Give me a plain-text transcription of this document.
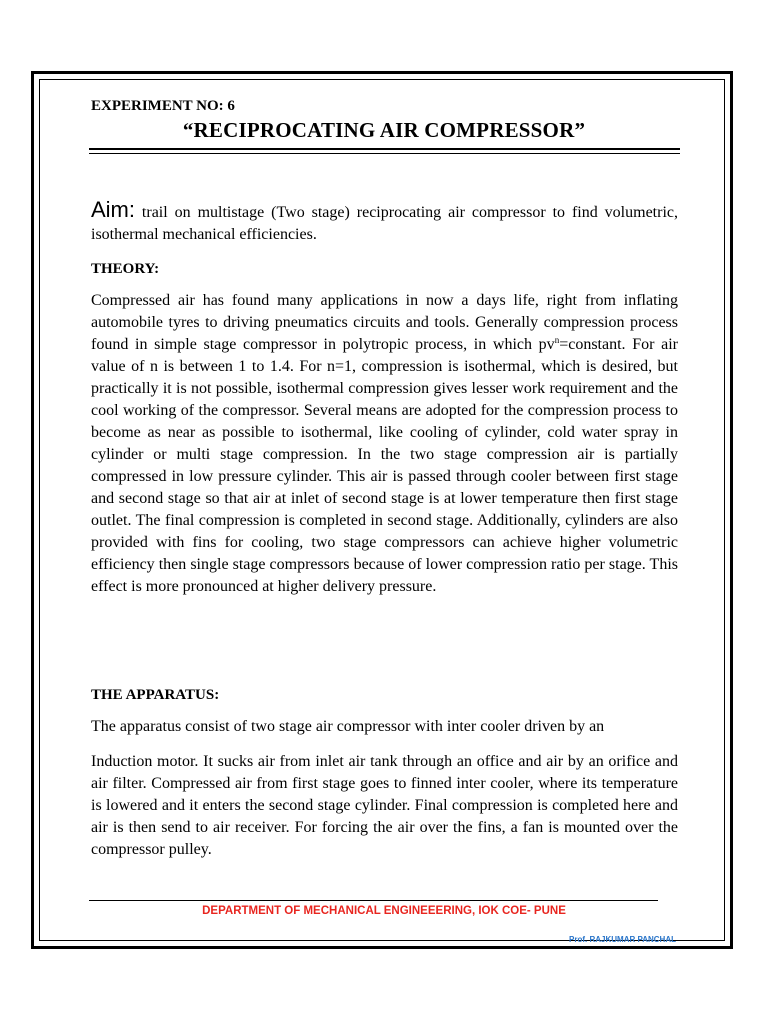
EXPERIMENT NO: 6
“RECIPROCATING AIR COMPRESSOR”

Aim: trail on multistage (Two stage) reciprocating air compressor to find volumetric, isothermal mechanical efficiencies.

THEORY:

Compressed air has found many applications in now a days life, right from inflating automobile tyres to driving pneumatics circuits and tools. Generally compression process found in simple stage compressor in polytropic process, in which $pv^n=constant$. For air value of n is between 1 to 1.4. For n=1, compression is isothermal, which is desired, but practically it is not possible, isothermal compression gives lesser work requirement and the cool working of the compressor. Several means are adopted for the compression process to become as near as possible to isothermal, like cooling of cylinder, cold water spray in cylinder or multi stage compression. In the two stage compression air is partially compressed in low pressure cylinder. This air is passed through cooler between first stage and second stage so that air at inlet of second stage is at lower temperature then first stage outlet. The final compression is completed in second stage. Additionally, cylinders are also provided with fins for cooling, two stage compressors can achieve higher volumetric efficiency then single stage compressors because of lower compression ratio per stage. This effect is more pronounced at higher delivery pressure.

THE APPARATUS:

The apparatus consist of two stage air compressor with inter cooler driven by an

Induction motor. It sucks air from inlet air tank through an office and air by an orifice and air filter. Compressed air from first stage goes to finned inter cooler, where its temperature is lowered and it enters the second stage cylinder. Final compression is completed here and air is then send to air receiver. For forcing the air over the fins, a fan is mounted over the compressor pulley.

DEPARTMENT OF MECHANICAL ENGINEEERING, IOK COE- PUNE
Prof. RAJKUMAR PANCHAL
